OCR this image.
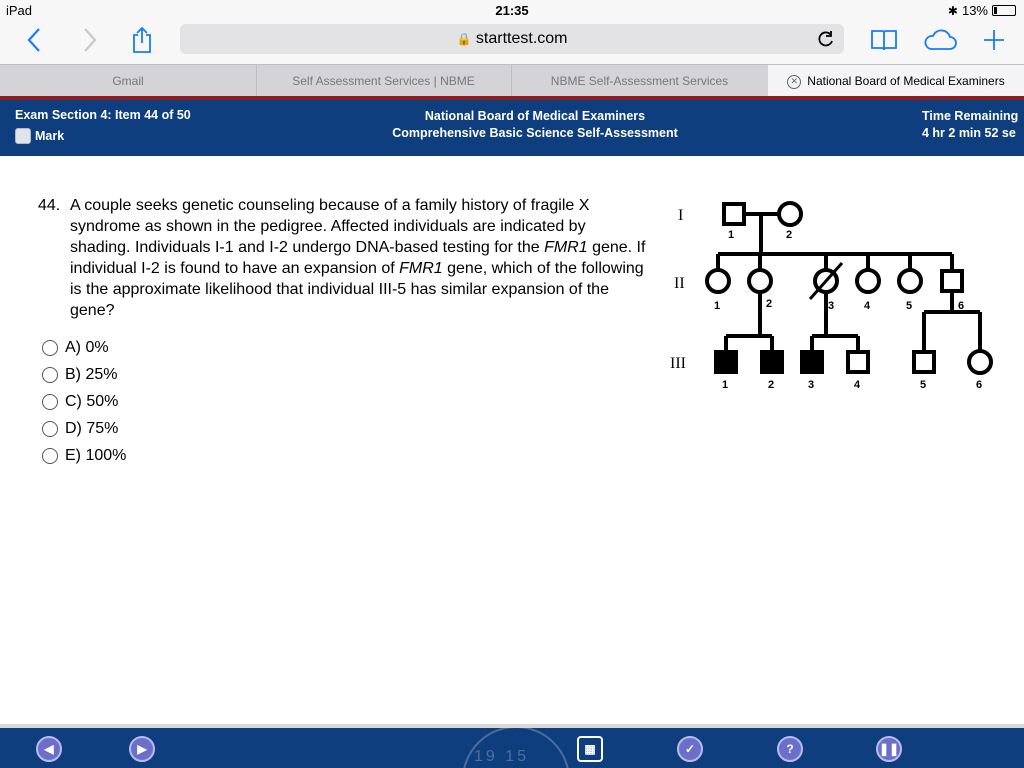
iPad	21:35	✱ 13%
🔒 starttest.com
Gmail	Self Assessment Services | NBME	NBME Self-Assessment Services	✕ National Board of Medical Examiners
Exam Section 4: Item 44 of 50
Mark
National Board of Medical Examiners
Comprehensive Basic Science Self-Assessment
Time Remaining
4 hr 2 min 52 se
44. A couple seeks genetic counseling because of a family history of fragile X syndrome as shown in the pedigree. Affected individuals are indicated by shading. Individuals I-1 and I-2 undergo DNA-based testing for the FMR1 gene. If individual I-2 is found to have an expansion of FMR1 gene, which of the following is the approximate likelihood that individual III-5 has similar expansion of the gene?
A) 0%
B) 25%
C) 50%
D) 75%
E) 100%
I
II
III
1	2
1	2	3	4	5	6
1	2	3	4	5	6
19 15
◀	▶	▦	✓	?	❚❚
